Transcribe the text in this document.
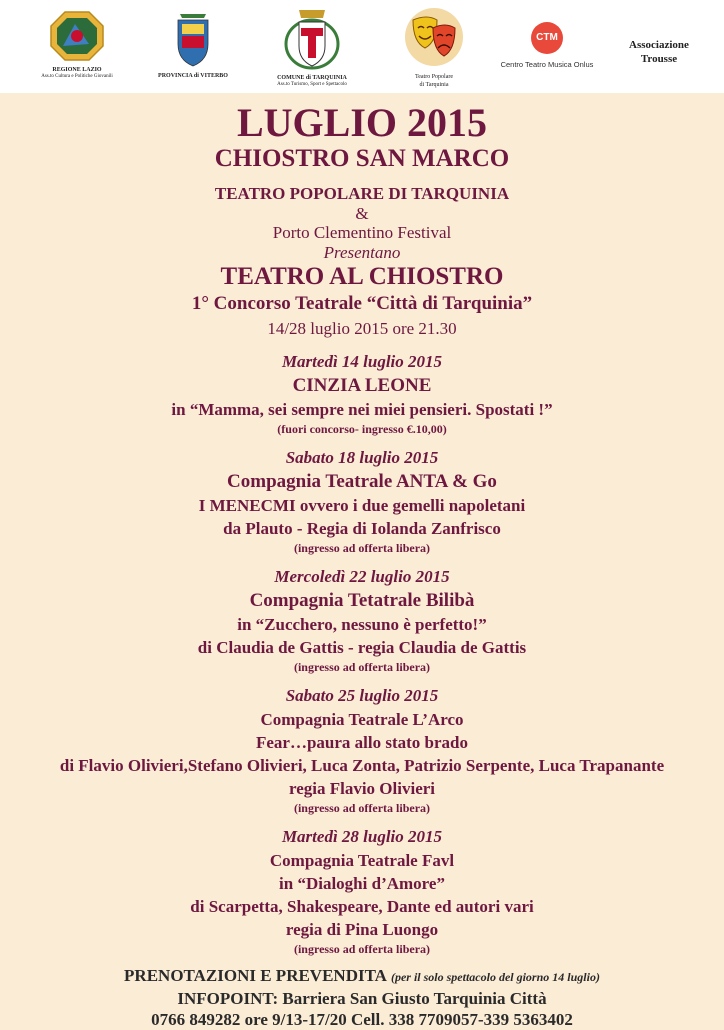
REGIONE LAZIO
Ass.to Cultura e Politiche Giovanili	PROVINCIA di VITERBO	COMUNE di TARQUINIA
Ass.to Turismo, Sport e Spettacolo
Teatro Popolare
di Tarquinia
CTM
Centro Teatro Musica Onlus
Associazione
Trousse
LUGLIO 2015
CHIOSTRO SAN MARCO
TEATRO POPOLARE DI TARQUINIA
&
Porto Clementino Festival
Presentano
TEATRO AL CHIOSTRO
1° Concorso Teatrale “Città di Tarquinia”
14/28 luglio 2015 ore 21.30
Martedì 14 luglio 2015
CINZIA LEONE
in “Mamma, sei sempre nei miei pensieri. Spostati !”
(fuori concorso- ingresso €.10,00)
Sabato 18 luglio 2015
Compagnia Teatrale ANTA & Go
I MENECMI ovvero i due gemelli napoletani
da Plauto - Regia di Iolanda Zanfrisco
(ingresso ad offerta libera)
Mercoledì 22 luglio 2015
Compagnia Tetatrale Bilibà
in “Zucchero, nessuno è perfetto!”
di Claudia de Gattis - regia Claudia de Gattis
(ingresso ad offerta libera)
Sabato 25 luglio 2015
Compagnia Teatrale L’Arco
Fear…paura allo stato brado
di Flavio Olivieri,Stefano Olivieri, Luca Zonta, Patrizio Serpente, Luca Trapanante
regia Flavio Olivieri
(ingresso ad offerta libera)
Martedì 28 luglio 2015
Compagnia Teatrale Favl
in “Dialoghi d’Amore”
di Scarpetta, Shakespeare, Dante ed autori vari
regia di Pina Luongo
(ingresso ad offerta libera)
PRENOTAZIONI E PREVENDITA (per il solo spettacolo del giorno 14 luglio)
INFOPOINT: Barriera San Giusto Tarquinia Città
0766 849282 ore 9/13-17/20 Cell. 338 7709057-339 5363402
